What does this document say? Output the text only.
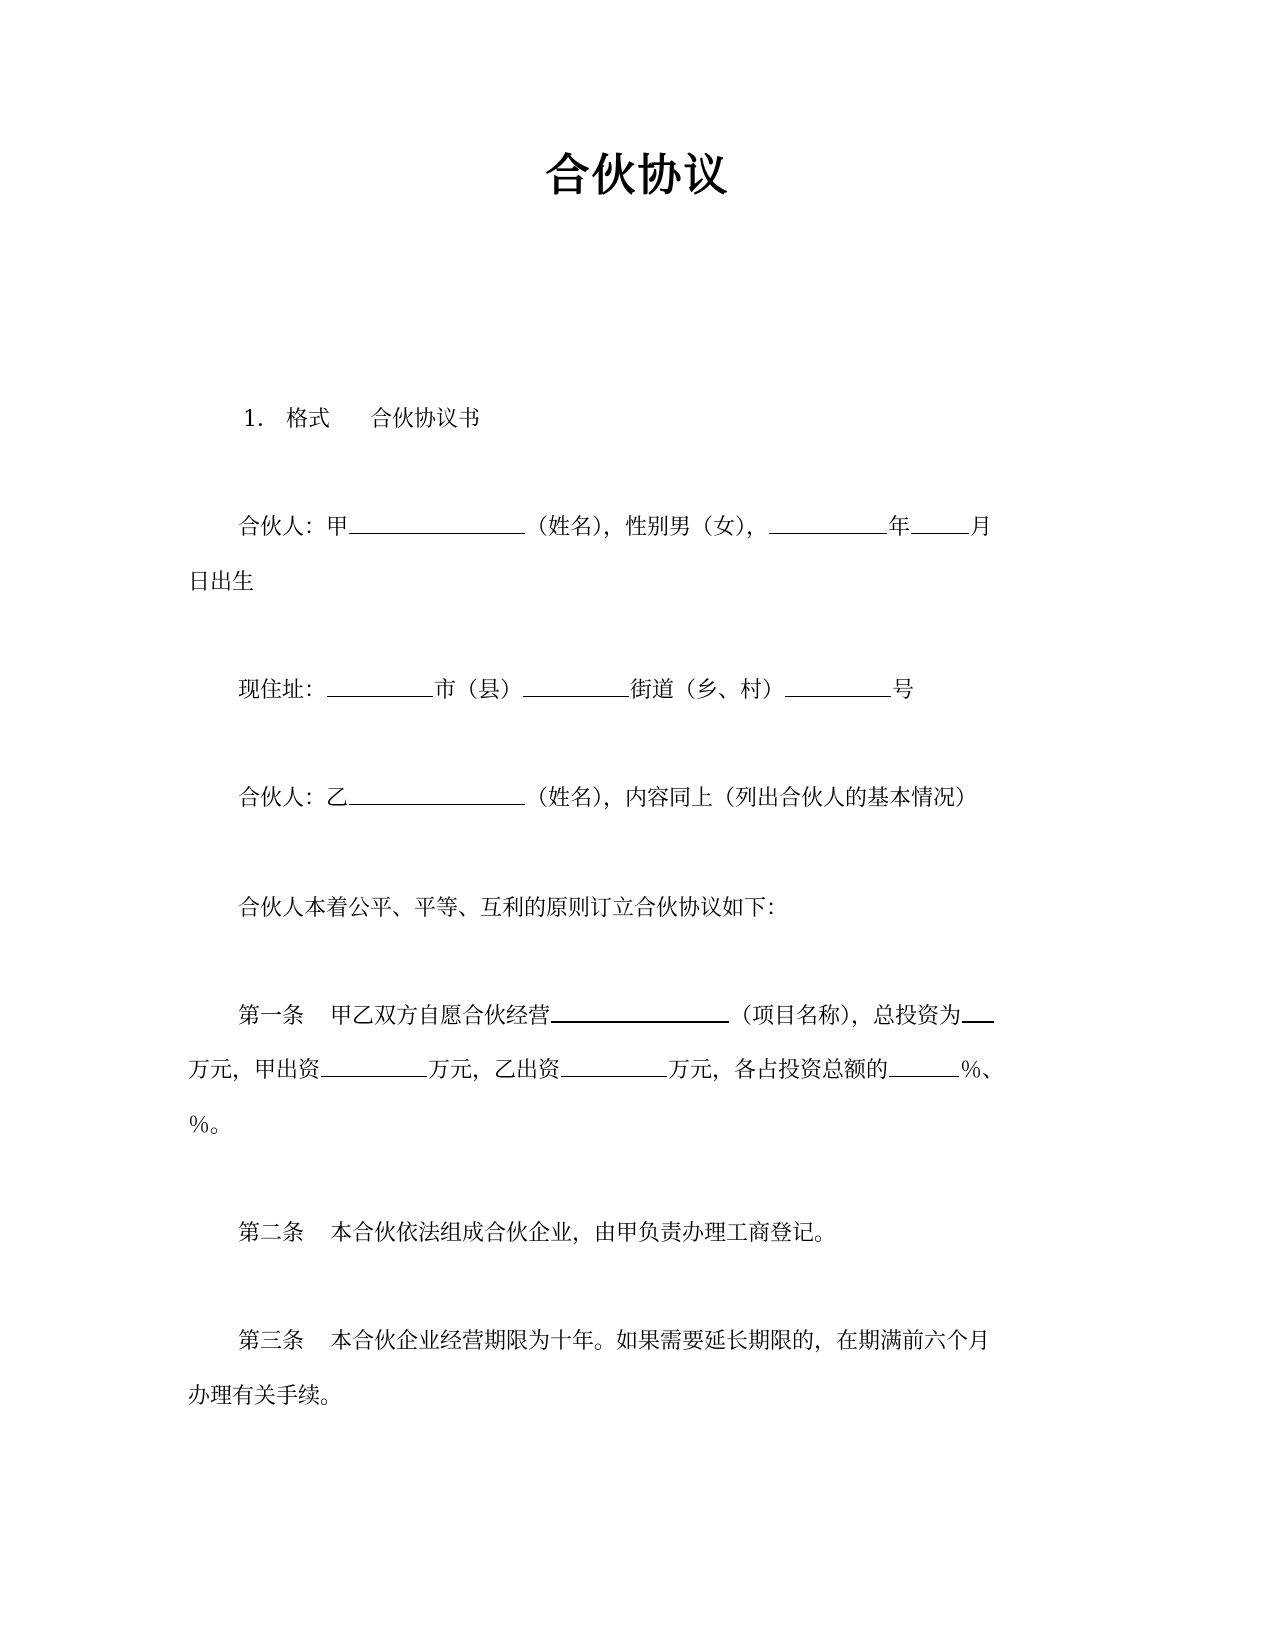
合伙协议
1． 格式 合伙协议书
合伙人：甲	（姓名），性别男（女），	年	月
日出生
现住址：	市（县）	街道（乡、村）	号
合伙人：乙	（姓名），内容同上（列出合伙人的基本情况）
合伙人本着公平、平等、互利的原则订立合伙协议如下：
第一条 甲乙双方自愿合伙经营	（项目名称），总投资为
万元，甲出资	万元，乙出资	万元，各占投资总额的	％、
％。
第二条 本合伙依法组成合伙企业，由甲负责办理工商登记。
第三条 本合伙企业经营期限为十年。如果需要延长期限的，在期满前六个月
办理有关手续。
